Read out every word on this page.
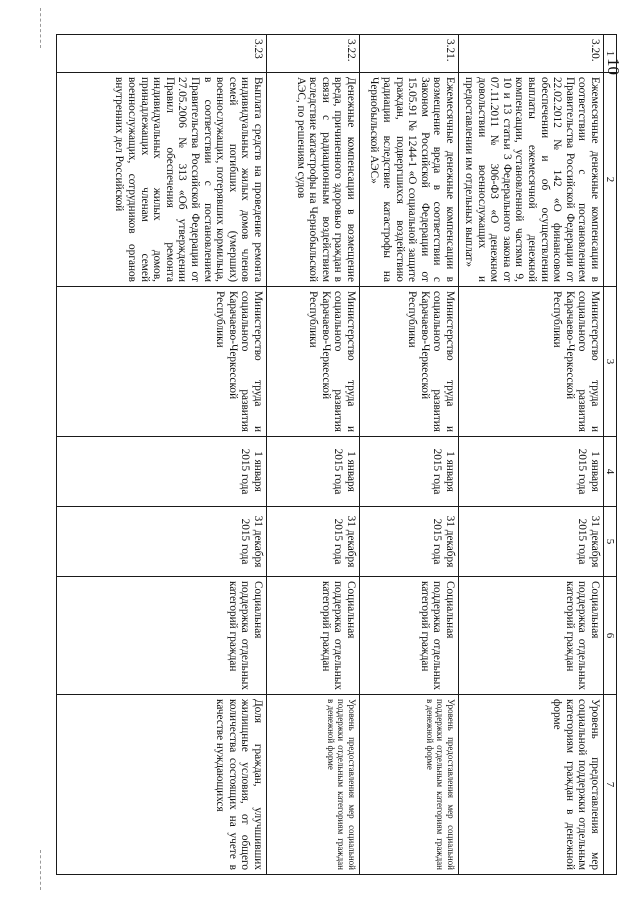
10
1	2	3	4	5	6	7
3.20.	Ежемесячные денежные компенсации в соответствии с постановлением Правительства Российской Федерации от 22.02.2012 № 142 «О финансовом обеспечении и об осуществлении выплаты ежемесячной денежной компенсации, установленной частями 9, 10 и 13 статьи 3 Федерального закона от 07.11.2011№ 306-ФЗ «О денежном довольствии военнослужащих и предоставлении им отдельных выплат»	Министерство труда и социального развития Карачаево-Черкесской Республики	1 января 2015 года	31 декабря 2015 года	Социальная поддержка отдельных категорий граждан	Уровень предоставления мер социальной поддержки отдельным категориям граждан в денежной форме
3.21.	Ежемесячные денежные компенсации в возмещение вреда в соответствии с Законом Российской Федерации от 15.05.91 № 1244-1 «О социальной защите граждан, подвергшихся воздействию радиации вследствие катастрофы на Чернобыльской АЭС»	Министерство труда и социального развития Карачаево-Черкесской Республики	1 января 2015 года	31 декабря 2015 года	Социальная поддержка отдельных категорий граждан	Уровень предоставления мер социальной поддержки отдельным категориям граждан в денежной форме
3.22.	Денежные компенсации в возмещение вреда, причиненного здоровью граждан в связи с радиационным воздействием вследствие катастрофы на Чернобыльской АЭС, по решениям судов	Министерство труда и социального развития Карачаево-Черкесской Республики	1 января 2015 года	31 декабря 2015 года	Социальная поддержка отдельных категорий граждан	Уровень предоставления мер социальной поддержки отдельным категориям граждан в денежной форме
3.23	Выплата средств на проведение ремонта индивидуальных жилых домов членов семей погибших (умерших) военнослужащих, потерявших кормильца, в соответствии с постановлением Правительства Российской Федерации от 27.05.2006 № 313 «Об утверждении Правил обеспечения ремонта индивидуальных жилых домов, принадлежащих членам семей военнослужащих, сотрудников органов внутренних дел Российской	Министерство труда и социального развития Карачаево-Черкесской Республики	1 января 2015 года	31 декабря 2015 года	Социальная поддержка отдельных категорий граждан	Доля граждан, улучшивших жилищные условия, от общего количества состоящих на учете в качестве нуждающихся
